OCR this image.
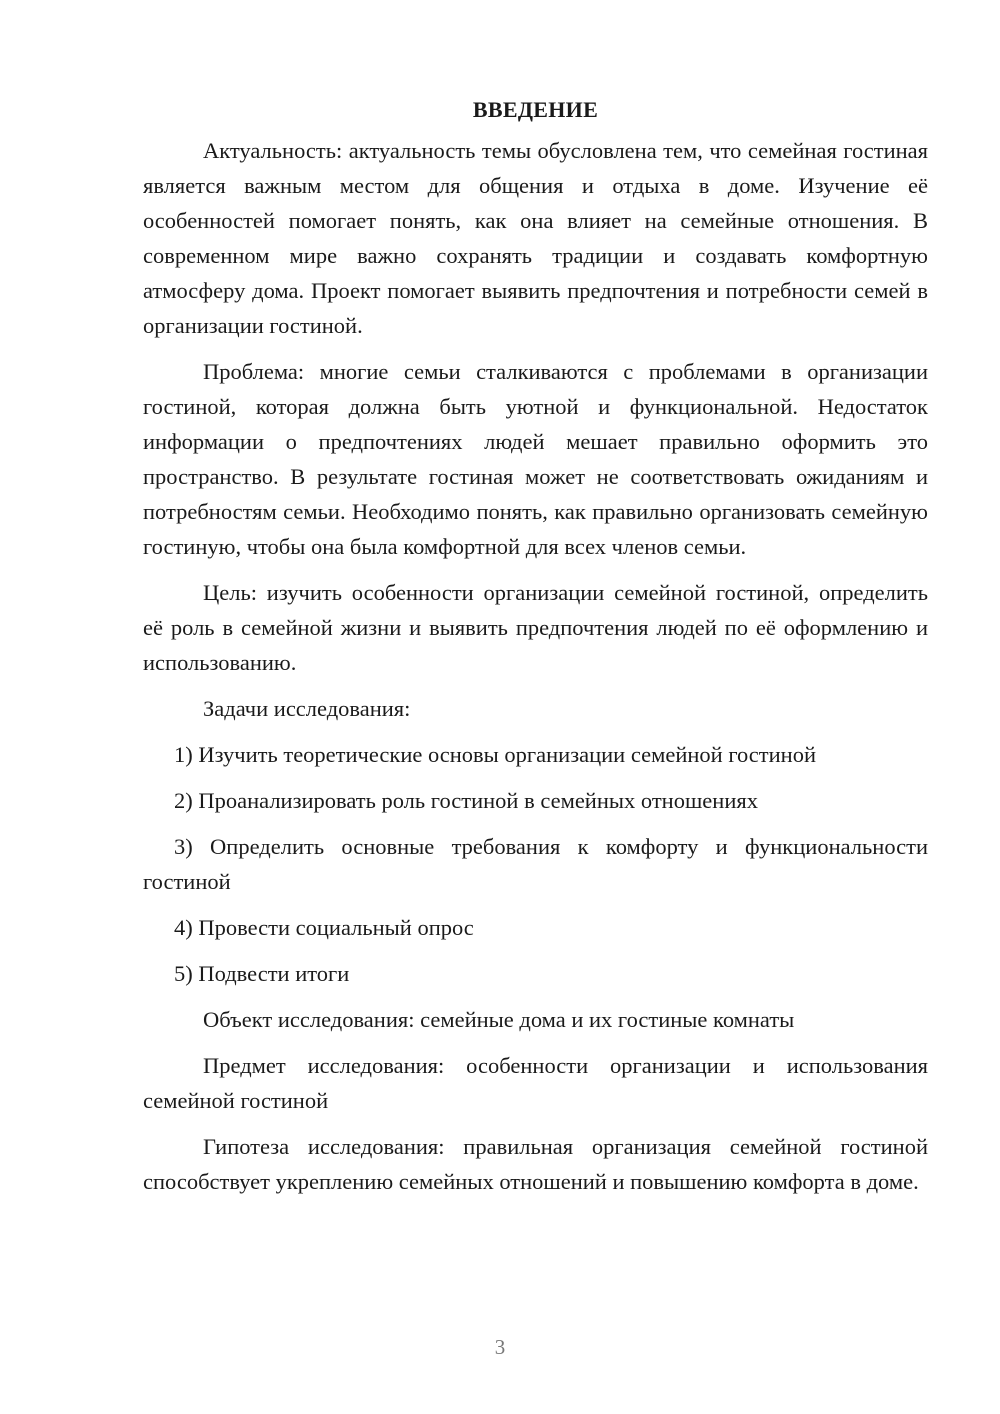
ВВЕДЕНИЕ

Актуальность: актуальность темы обусловлена тем, что семейная гостиная является важным местом для общения и отдыха в доме. Изучение её особенностей помогает понять, как она влияет на семейные отношения. В современном мире важно сохранять традиции и создавать комфортную атмосферу дома. Проект помогает выявить предпочтения и потребности семей в организации гостиной.

Проблема: многие семьи сталкиваются с проблемами в организации гостиной, которая должна быть уютной и функциональной. Недостаток информации о предпочтениях людей мешает правильно оформить это пространство. В результате гостиная может не соответствовать ожиданиям и потребностям семьи. Необходимо понять, как правильно организовать семейную гостиную, чтобы она была комфортной для всех членов семьи.

Цель: изучить особенности организации семейной гостиной, определить её роль в семейной жизни и выявить предпочтения людей по её оформлению и использованию.

Задачи исследования:

1) Изучить теоретические основы организации семейной гостиной

2) Проанализировать роль гостиной в семейных отношениях

3) Определить основные требования к комфорту и функциональности гостиной

4) Провести социальный опрос

5) Подвести итоги

Объект исследования: семейные дома и их гостиные комнаты

Предмет исследования: особенности организации и использования семейной гостиной

Гипотеза исследования: правильная организация семейной гостиной способствует укреплению семейных отношений и повышению комфорта в доме.

3
